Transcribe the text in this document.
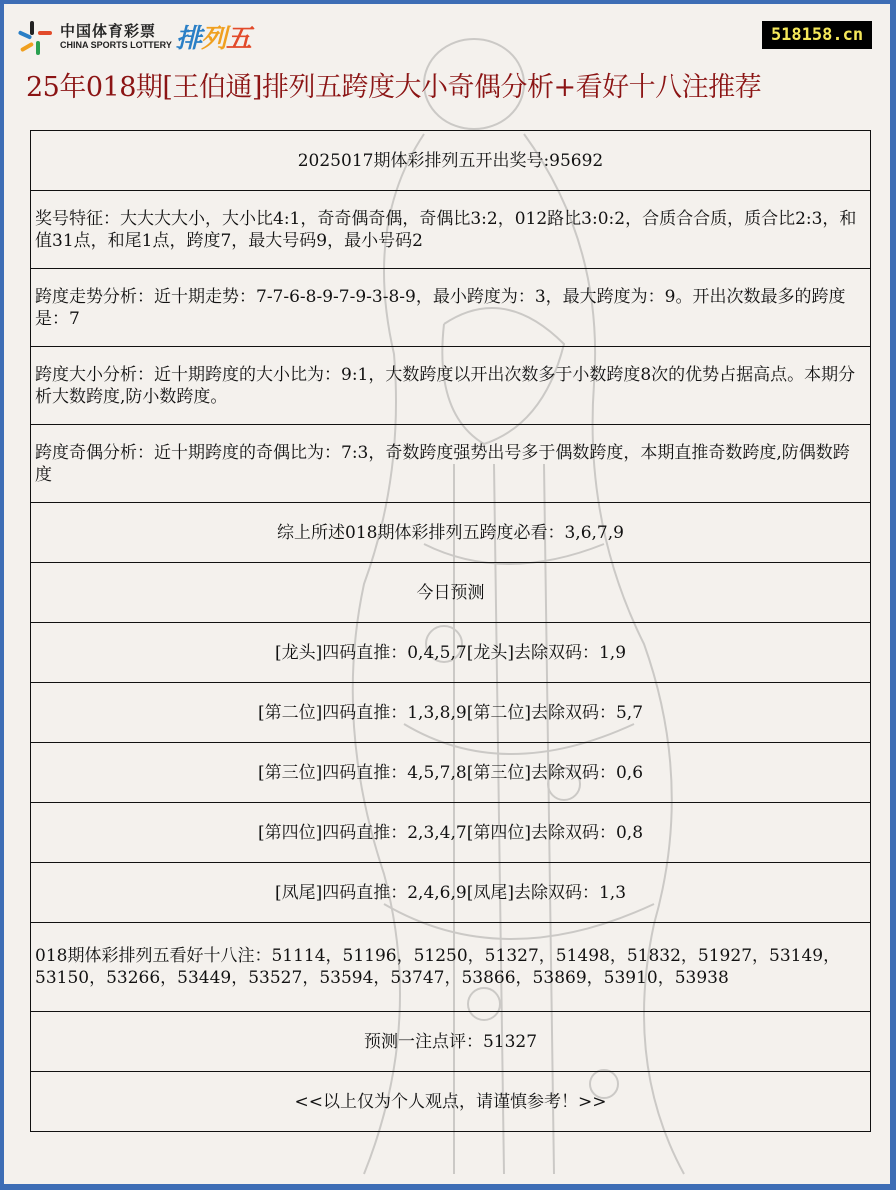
中国体育彩票
CHINA SPORTS LOTTERY 排列五	518158.cn
25年018期[王伯通]排列五跨度大小奇偶分析+看好十八注推荐
2025017期体彩排列五开出奖号:95692
奖号特征：大大大大小，大小比4:1，奇奇偶奇偶，奇偶比3:2，012路比3:0:2，合质合合质，质合比2:3，和值31点，和尾1点，跨度7，最大号码9，最小号码2
跨度走势分析：近十期走势：7-7-6-8-9-7-9-3-8-9，最小跨度为：3，最大跨度为：9。开出次数最多的跨度是：7
跨度大小分析：近十期跨度的大小比为：9:1，大数跨度以开出次数多于小数跨度8次的优势占据高点。本期分析大数跨度,防小数跨度。
跨度奇偶分析：近十期跨度的奇偶比为：7:3，奇数跨度强势出号多于偶数跨度，本期直推奇数跨度,防偶数跨度
综上所述018期体彩排列五跨度必看：3,6,7,9
今日预测
[龙头]四码直推：0,4,5,7[龙头]去除双码：1,9
[第二位]四码直推：1,3,8,9[第二位]去除双码：5,7
[第三位]四码直推：4,5,7,8[第三位]去除双码：0,6
[第四位]四码直推：2,3,4,7[第四位]去除双码：0,8
[凤尾]四码直推：2,4,6,9[凤尾]去除双码：1,3
018期体彩排列五看好十八注：51114，51196，51250，51327，51498，51832，51927，53149，53150，53266，53449，53527，53594，53747，53866，53869，53910，53938
预测一注点评：51327
<<以上仅为个人观点，请谨慎参考！>>
